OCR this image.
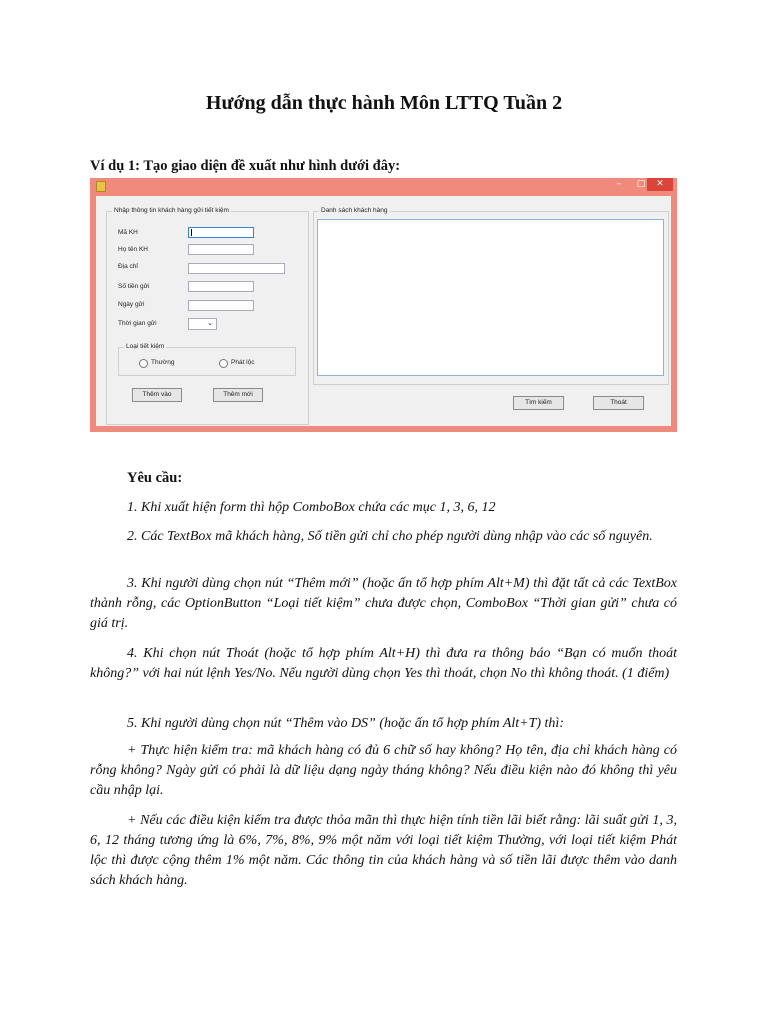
Hướng dẫn thực hành Môn LTTQ Tuần 2
Ví dụ 1: Tạo giao diện đề xuất như hình dưới đây:
–	□	✕
Nhập thông tin khách hàng gửi tiết kiệm
Mã KH
Họ tên KH
Địa chỉ
Số tiền gửi
Ngày gửi
Thời gian gửi	⌄
Loại tiết kiệm
Thường	Phát lộc
Thêm vào	Thêm mới
Danh sách khách hàng
Tìm kiếm	Thoát
Yêu cầu:

1. Khi xuất hiện form thì hộp ComboBox chứa các mục 1, 3, 6, 12

2. Các TextBox mã khách hàng, Số tiền gửi chỉ cho phép người dùng nhập vào các số nguyên.

3. Khi người dùng chọn nút “Thêm mới” (hoặc ấn tổ hợp phím Alt+M) thì đặt tất cả các TextBox thành rỗng, các OptionButton “Loại tiết kiệm” chưa được chọn, ComboBox “Thời gian gửi” chưa có giá trị.

4. Khi chọn nút Thoát (hoặc tổ hợp phím Alt+H) thì đưa ra thông báo “Bạn có muốn thoát không?” với hai nút lệnh Yes/No. Nếu người dùng chọn Yes thì thoát, chọn No thì không thoát. (1 điểm)

5. Khi người dùng chọn nút “Thêm vào DS” (hoặc ấn tổ hợp phím Alt+T) thì:

+ Thực hiện kiểm tra: mã khách hàng có đủ 6 chữ số hay không? Họ tên, địa chỉ khách hàng có rỗng không? Ngày gửi có phải là dữ liệu dạng ngày tháng không? Nếu điều kiện nào đó không thì yêu cầu nhập lại.

+ Nếu các điều kiện kiểm tra được thỏa mãn thì thực hiện tính tiền lãi biết rằng: lãi suất gửi 1, 3, 6, 12 tháng tương ứng là 6%, 7%, 8%, 9% một năm với loại tiết kiệm Thường, với loại tiết kiệm Phát lộc thì được cộng thêm 1% một năm. Các thông tin của khách hàng và số tiền lãi được thêm vào danh sách khách hàng.
